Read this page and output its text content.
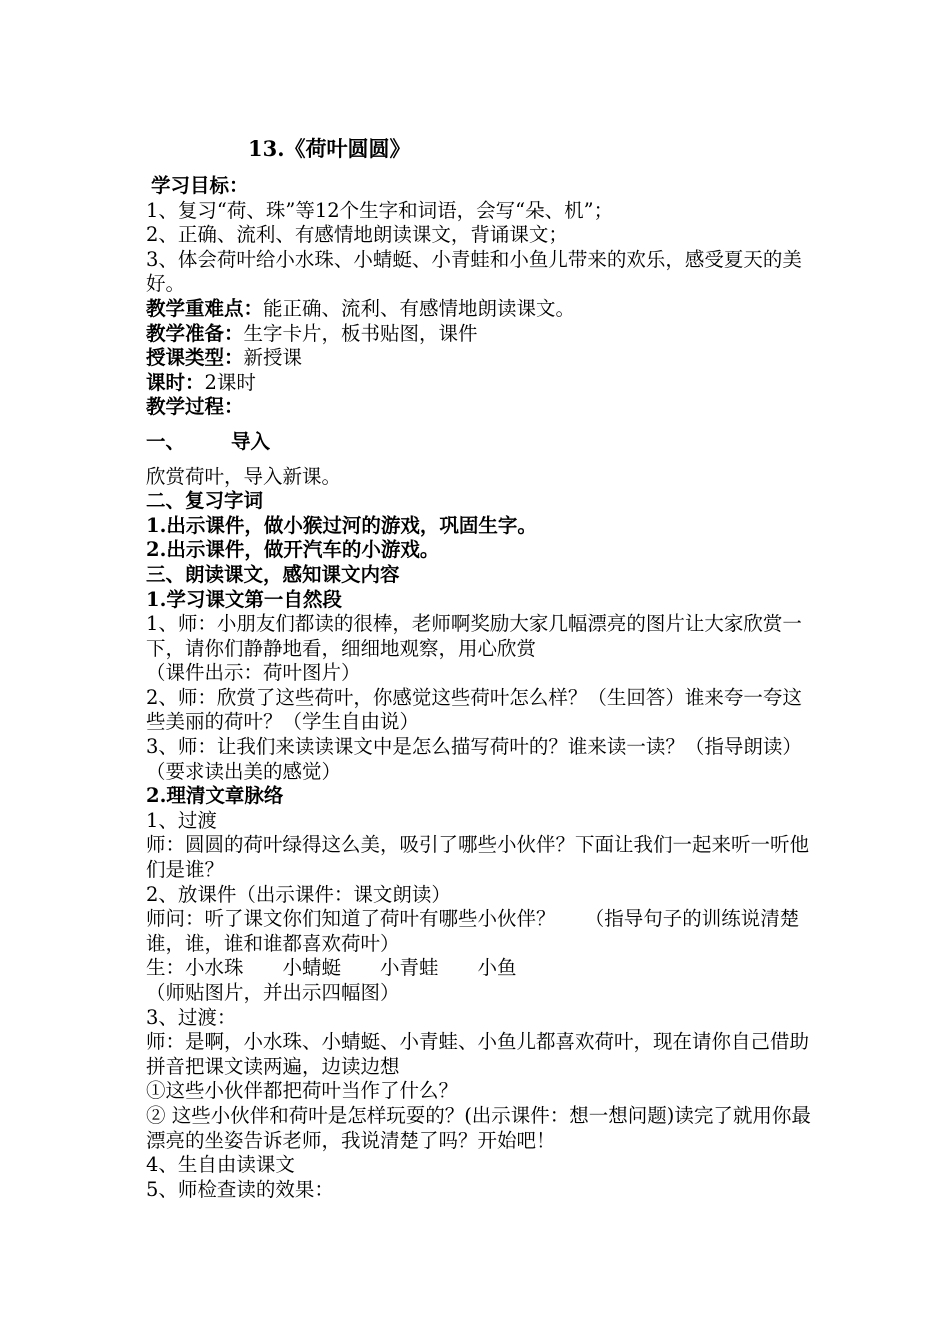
13.《荷叶圆圆》

学习目标：

1、复习“荷、珠”等12个生字和词语，会写“朵、机”；

2、正确、流利、有感情地朗读课文，背诵课文；

3、体会荷叶给小水珠、小蜻蜓、小青蛙和小鱼儿带来的欢乐，感受夏天的美好。

教学重难点：能正确、流利、有感情地朗读课文。

教学准备：生字卡片，板书贴图，课件

授课类型：新授课

课时：2课时

教学过程：

一、 导入

欣赏荷叶，导入新课。

二、复习字词

1.出示课件，做小猴过河的游戏，巩固生字。

2.出示课件，做开汽车的小游戏。

三、朗读课文，感知课文内容

1.学习课文第一自然段

1、师：小朋友们都读的很棒，老师啊奖励大家几幅漂亮的图片让大家欣赏一下，请你们静静地看，细细地观察，用心欣赏

（课件出示：荷叶图片）

2、师：欣赏了这些荷叶，你感觉这些荷叶怎么样？（生回答）谁来夸一夸这些美丽的荷叶？（学生自由说）

3、师：让我们来读读课文中是怎么描写荷叶的？谁来读一读？（指导朗读）（要求读出美的感觉）

2.理清文章脉络

1、过渡

师：圆圆的荷叶绿得这么美，吸引了哪些小伙伴？下面让我们一起来听一听他们是谁？

2、放课件（出示课件：课文朗读）

师问：听了课文你们知道了荷叶有哪些小伙伴？　　（指导句子的训练说清楚谁，谁，谁和谁都喜欢荷叶）

生：小水珠　　小蜻蜓　　小青蛙　　小鱼

（师贴图片，并出示四幅图）

3、过渡：

师：是啊，小水珠、小蜻蜓、小青蛙、小鱼儿都喜欢荷叶，现在请你自己借助拼音把课文读两遍，边读边想

①这些小伙伴都把荷叶当作了什么？

② 这些小伙伴和荷叶是怎样玩耍的？(出示课件：想一想问题)读完了就用你最漂亮的坐姿告诉老师，我说清楚了吗？开始吧！

4、生自由读课文

5、师检查读的效果：
